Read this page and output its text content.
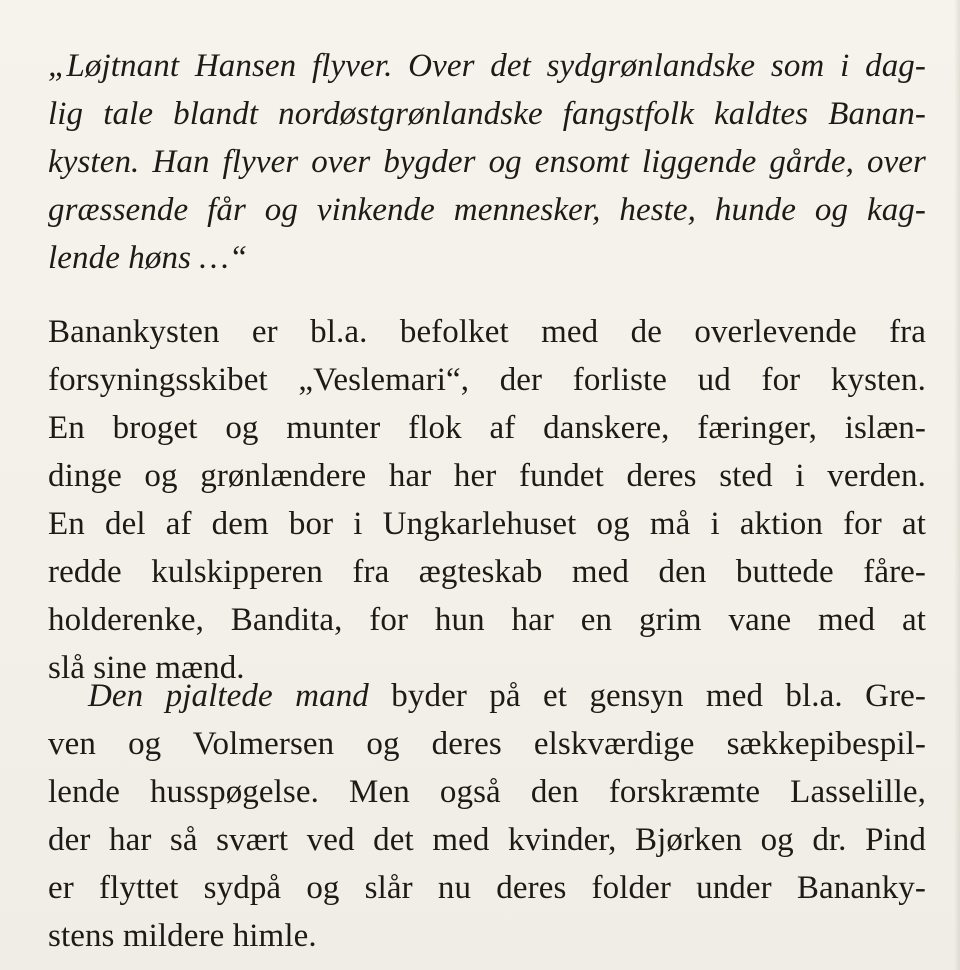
„Løjtnant Hansen flyver. Over det sydgrønlandske som i dag-
lig tale blandt nordøstgrønlandske fangstfolk kaldtes Banan-
kysten. Han flyver over bygder og ensomt liggende gårde, over
græssende får og vinkende mennesker, heste, hunde og kag-
lende høns …“
Banankysten er bl.a. befolket med de overlevende fra
forsyningsskibet „Veslemari“, der forliste ud for kysten.
En broget og munter flok af danskere, færinger, islæn-
dinge og grønlændere har her fundet deres sted i verden.
En del af dem bor i Ungkarlehuset og må i aktion for at
redde kulskipperen fra ægteskab med den buttede fåre-
holderenke, Bandita, for hun har en grim vane med at
slå sine mænd.
Den pjaltede mand byder på et gensyn med bl.a. Gre-
ven og Volmersen og deres elskværdige sækkepibespil-
lende husspøgelse. Men også den forskræmte Lasselille,
der har så svært ved det med kvinder, Bjørken og dr. Pind
er flyttet sydpå og slår nu deres folder under Bananky-
stens mildere himle.
